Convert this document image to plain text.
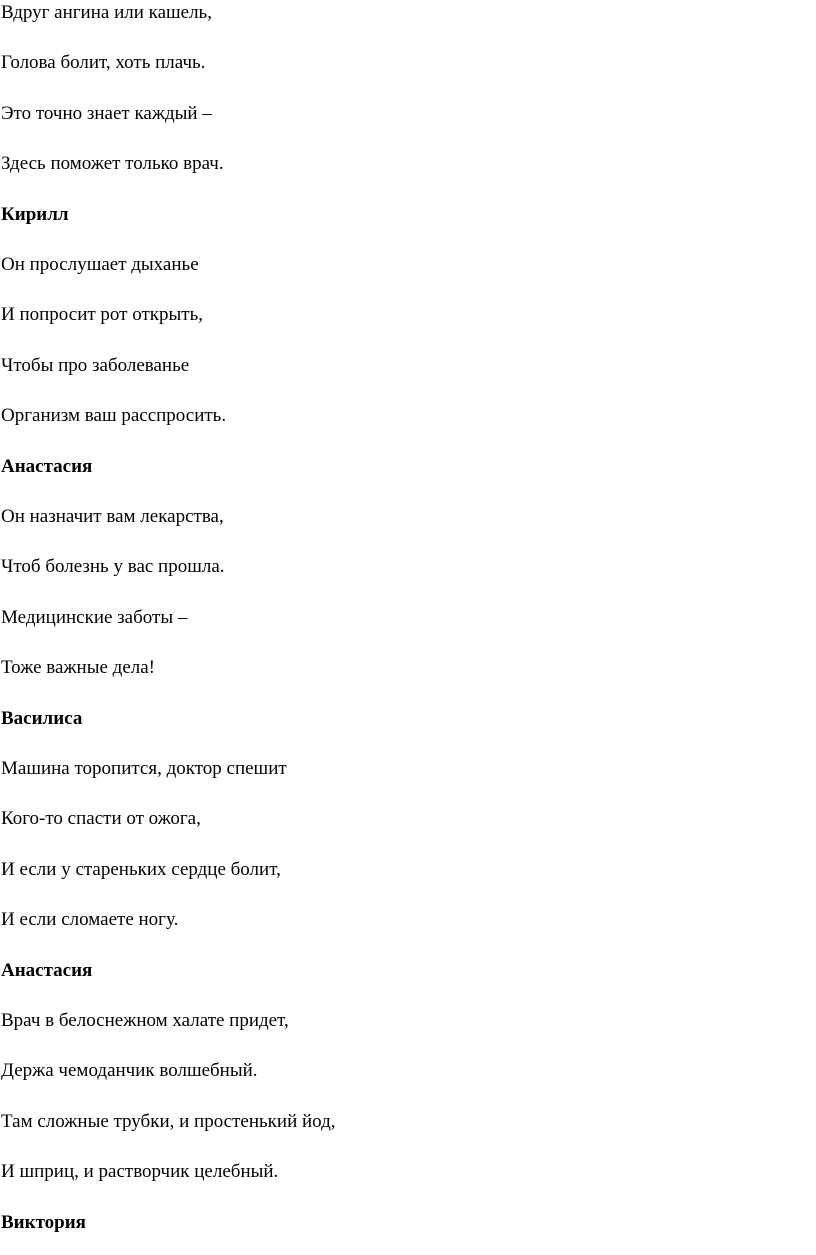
Вдруг ангина или кашель,
Голова болит, хоть плачь.
Это точно знает каждый –
Здесь поможет только врач.
Кирилл
Он прослушает дыханье
И попросит рот открыть,
Чтобы про заболеванье
Организм ваш расспросить.
Анастасия
Он назначит вам лекарства,
Чтоб болезнь у вас прошла.
Медицинские заботы –
Тоже важные дела!
Василиса
Машина торопится, доктор спешит
Кого-то спасти от ожога,
И если у стареньких сердце болит,
И если сломаете ногу.
Анастасия
Врач в белоснежном халате придет,
Держа чемоданчик волшебный.
Там сложные трубки, и простенький йод,
И шприц, и растворчик целебный.
Виктория
